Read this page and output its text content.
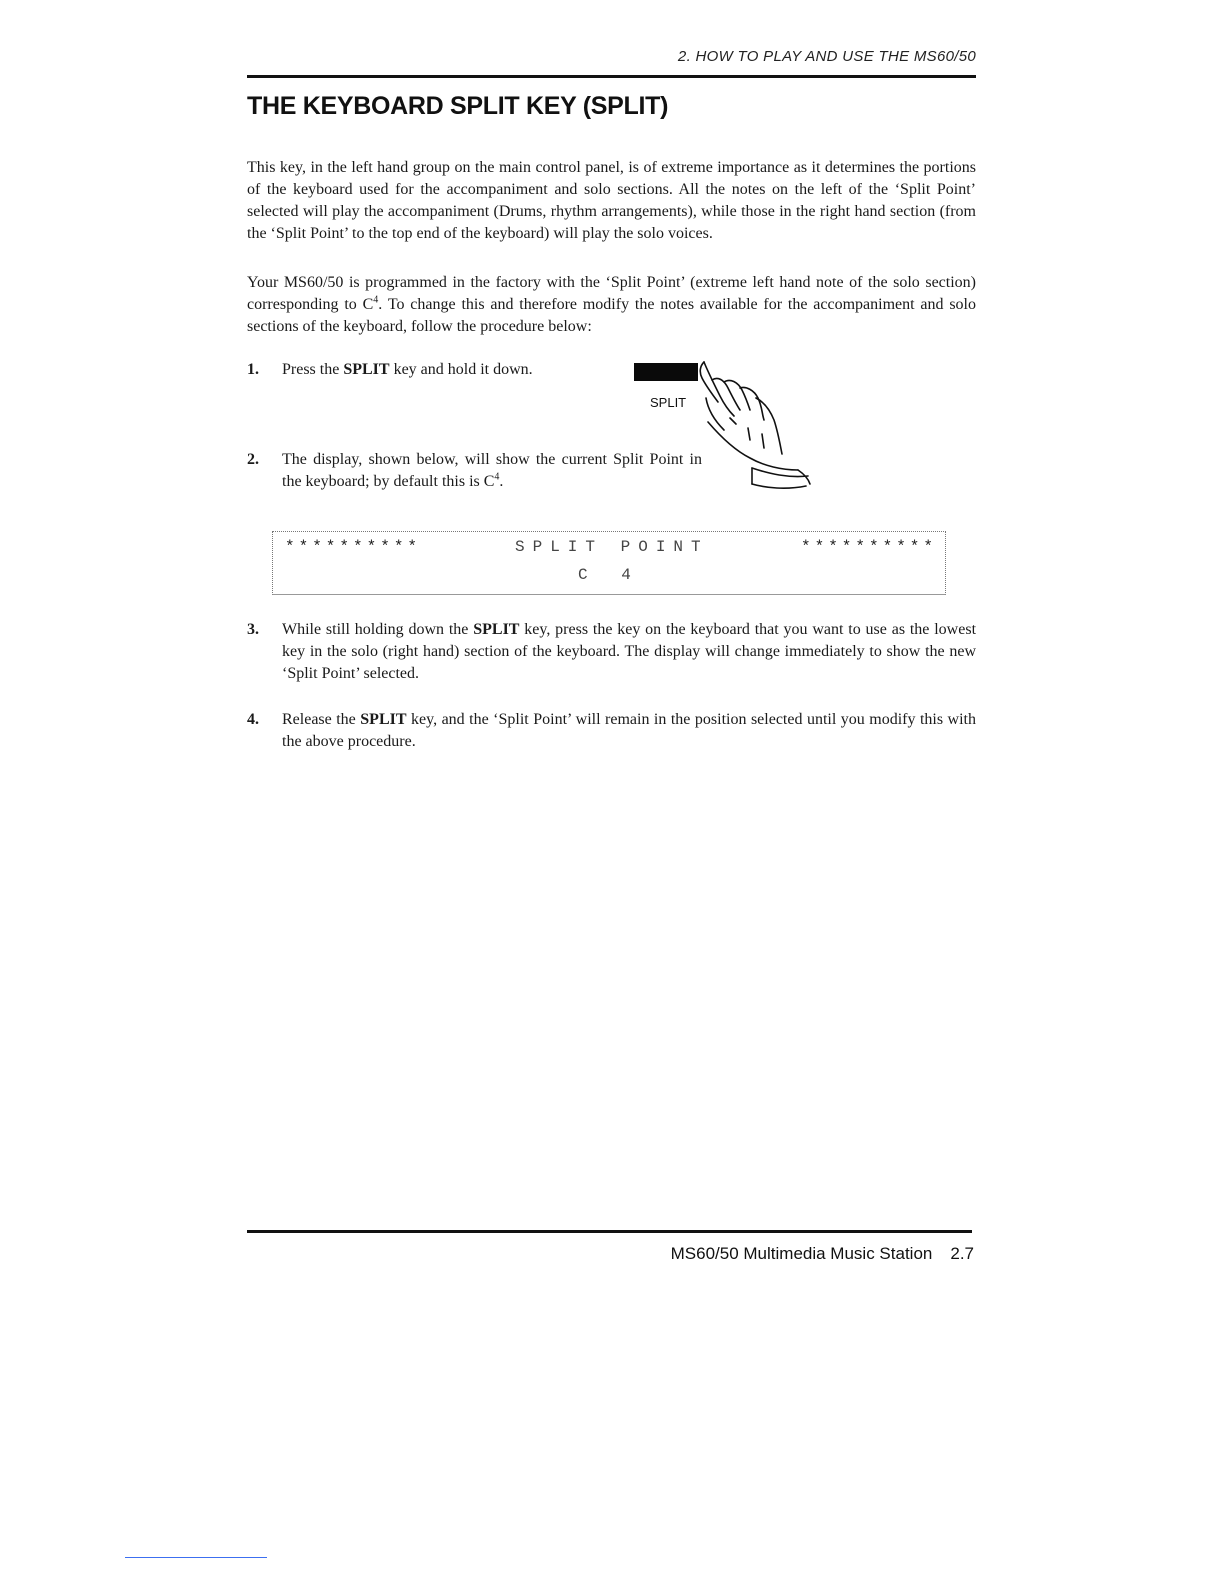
2. HOW TO PLAY AND USE THE MS60/50
THE KEYBOARD SPLIT KEY (SPLIT)

This key, in the left hand group on the main control panel, is of extreme importance as it determines the portions of the keyboard used for the accompaniment and solo sections. All the notes on the left of the ‘Split Point’ selected will play the accompaniment (Drums, rhythm arrangements), while those in the right hand section (from the ‘Split Point’ to the top end of the keyboard) will play the solo voices.

Your MS60/50 is programmed in the factory with the ‘Split Point’ (extreme left hand note of the solo section) corresponding to $C^4$. To change this and therefore modify the notes available for the accompaniment and solo sections of the keyboard, follow the procedure below:

1. Press the SPLIT key and hold it down.

SPLIT
2. The display, shown below, will show the current Split Point in the keyboard; by default this is $C^4$.

**********	SPLIT POINT	**********
C 4
3. While still holding down the SPLIT key, press the key on the keyboard that you want to use as the lowest key in the solo (right hand) section of the keyboard. The display will change immediately to show the new ‘Split Point’ selected.

4. Release the SPLIT key, and the ‘Split Point’ will remain in the position selected until you modify this with the above procedure.

MS60/50 Multimedia Music Station 2.7
